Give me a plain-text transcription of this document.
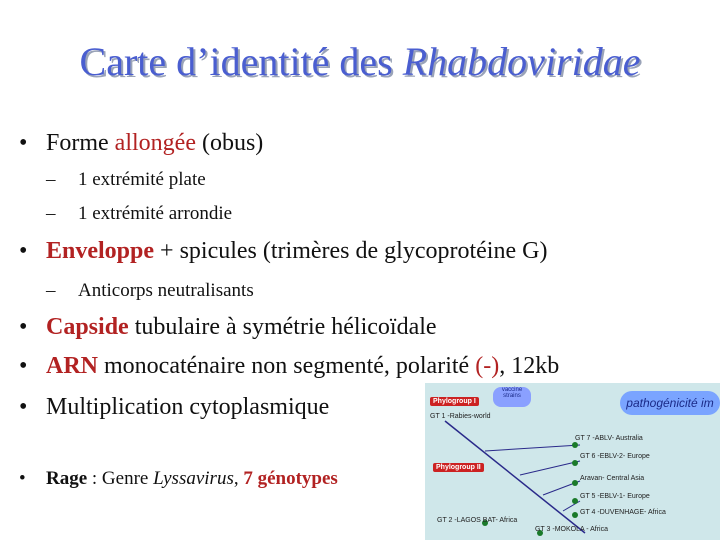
Carte d’identité des Rhabdoviridae
• Forme allongée (obus)
– 1 extrémité plate
– 1 extrémité arrondie
• Enveloppe + spicules (trimères de glycoprotéine G)
– Anticorps neutralisants
• Capside tubulaire à symétrie hélicoïdale
• ARN monocaténaire non segmenté, polarité (-), 12kb
• Multiplication cytoplasmique
• Rage : Genre Lyssavirus, 7 génotypes
Phylogroup I
Phylogroup II
vaccine strains	pathogénicité im
GT 1 -Rabies-world
GT 7 -ABLV- Australia
GT 6 -EBLV-2- Europe
Aravan- Central Asia
GT 5 -EBLV-1- Europe
GT 4 -DUVENHAGE- Africa
GT 2 -LAGOS BAT- Africa
GT 3 -MOKOLA - Africa
